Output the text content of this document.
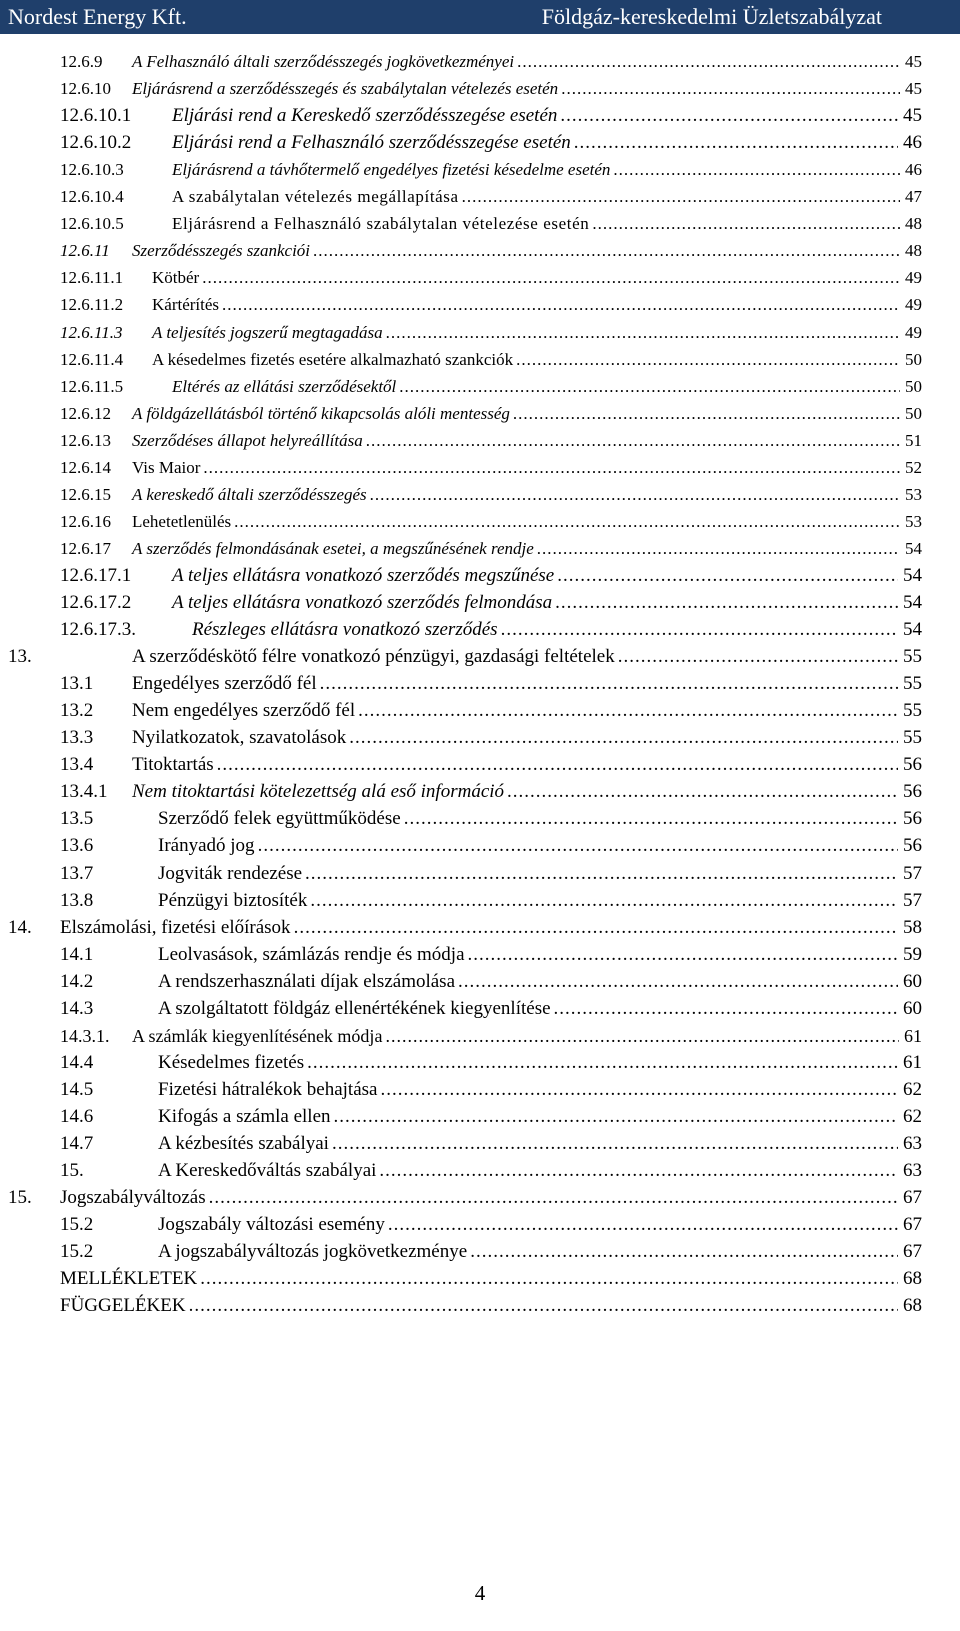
Nordest Energy Kft.	Földgáz-kereskedelmi Üzletszabályzat
12.6.9 A Felhasználó általi szerződésszegés jogkövetkezményei .....	45
12.6.10 Eljárásrend a szerződésszegés és szabálytalan vételezés esetén .....	45
12.6.10.1 Eljárási rend a Kereskedő szerződésszegése esetén .....	45
12.6.10.2 Eljárási rend a Felhasználó szerződésszegése esetén .....	46
12.6.10.3	Eljárásrend a távhőtermelő engedélyes fizetési késedelme esetén .....	46
12.6.10.4	A szabálytalan vételezés megállapítása .....	47
12.6.10.5	Eljárásrend a Felhasználó szabálytalan vételezése esetén .....	48
12.6.11 Szerződésszegés szankciói .....	48
12.6.11.1 Kötbér .....	49
12.6.11.2 Kártérítés .....	49
12.6.11.3 A teljesítés jogszerű megtagadása .....	49
12.6.11.4 A késedelmes fizetés esetére alkalmazható szankciók .....	50
12.6.11.5	Eltérés az ellátási szerződésektől .....	50
12.6.12 A földgázellátásból történő kikapcsolás alóli mentesség .....	50
12.6.13 Szerződéses állapot helyreállítása .....	51
12.6.14 Vis Maior .....	52
12.6.15 A kereskedő általi szerződésszegés .....	53
12.6.16 Lehetetlenülés .....	53
12.6.17 A szerződés felmondásának esetei, a megszűnésének rendje .....	54
12.6.17.1 A teljes ellátásra vonatkozó szerződés megszűnése .....	54
12.6.17.2 A teljes ellátásra vonatkozó szerződés felmondása .....	54
12.6.17.3.	Részleges ellátásra vonatkozó szerződés .....	54
13.	A szerződéskötő félre vonatkozó pénzügyi, gazdasági feltételek .....	55
13.1 Engedélyes szerződő fél .....	55
13.2 Nem engedélyes szerződő fél .....	55
13.3 Nyilatkozatok, szavatolások .....	55
13.4 Titoktartás .....	56
13.4.1 Nem titoktartási kötelezettség alá eső információ .....	56
13.5	Szerződő felek együttműködése .....	56
13.6	Irányadó jog .....	56
13.7	Jogviták rendezése .....	57
13.8	Pénzügyi biztosíték .....	57
14. Elszámolási, fizetési előírások .....	58
14.1	Leolvasások, számlázás rendje és módja .....	59
14.2	A rendszerhasználati díjak elszámolása .....	60
14.3	A szolgáltatott földgáz ellenértékének kiegyenlítése .....	60
14.3.1. A számlák kiegyenlítésének módja .....	61
14.4	Késedelmes fizetés .....	61
14.5	Fizetési hátralékok behajtása .....	62
14.6	Kifogás a számla ellen .....	62
14.7	A kézbesítés szabályai .....	63
15.	A Kereskedőváltás szabályai .....	63
15. Jogszabályváltozás .....	67
15.2	Jogszabály változási esemény .....	67
15.2	A jogszabályváltozás jogkövetkezménye .....	67
MELLÉKLETEK .....	68
FÜGGELÉKEK .....	68
4
